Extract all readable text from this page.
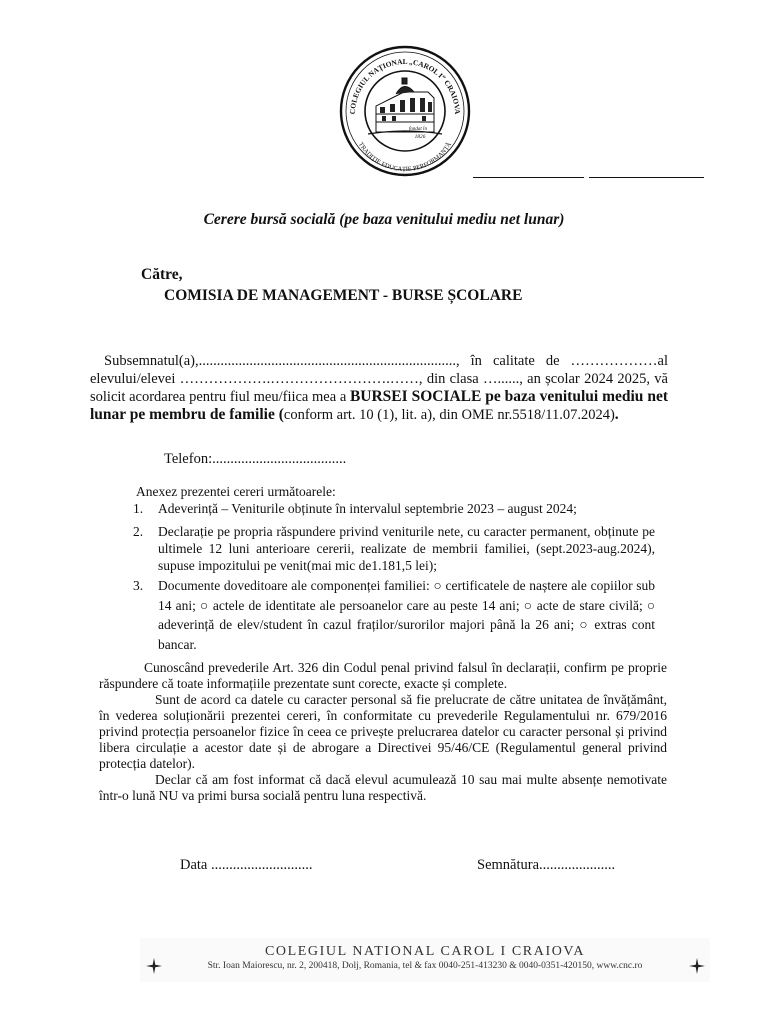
COLEGIUL NAȚIONAL „CAROL I” CRAIOVA
TRADIȚIE EDUCAȚIE PERFORMANȚĂ
fondat în
1826
Cerere bursă socială (pe baza venitului mediu net lunar)
Către,
COMISIA DE MANAGEMENT - BURSE ȘCOLARE
Subsemnatul(a),......................................................................., în calitate de ………………al elevului/elevei ……………….…………………….……, din clasa …......, an școlar 2024 2025, vă solicit acordarea pentru fiul meu/fiica mea a BURSEI SOCIALE pe baza venitului mediu net lunar pe membru de familie (conform art. 10 (1), lit. a), din OME nr.5518/11.07.2024).
Telefon:.....................................
Anexez prezentei cereri următoarele:
1. Adeverință – Veniturile obținute în intervalul septembrie 2023 – august 2024;
2. Declarație pe propria răspundere privind veniturile nete, cu caracter permanent, obținute pe ultimele 12 luni anterioare cererii, realizate de membrii familiei, (sept.2023-aug.2024), supuse impozitului pe venit(mai mic de1.181,5 lei);
3. Documente doveditoare ale componenței familiei: ○ certificatele de naștere ale copiilor sub 14 ani; ○ actele de identitate ale persoanelor care au peste 14 ani; ○ acte de stare civilă; ○ adeverință de elev/student în cazul fraților/surorilor majori până la 26 ani; ○ extras cont bancar.

Cunoscând prevederile Art. 326 din Codul penal privind falsul în declarații, confirm pe proprie răspundere că toate informațiile prezentate sunt corecte, exacte și complete.

Sunt de acord ca datele cu caracter personal să fie prelucrate de către unitatea de învățământ, în vederea soluționării prezentei cereri, în conformitate cu prevederile Regulamentului nr. 679/2016 privind protecția persoanelor fizice în ceea ce privește prelucrarea datelor cu caracter personal și privind libera circulație a acestor date și de abrogare a Directivei 95/46/CE (Regulamentul general privind protecția datelor).

Declar că am fost informat că dacă elevul acumulează 10 sau mai multe absențe nemotivate într-o lună NU va primi bursa socială pentru luna respectivă.

Data ............................	Semnătura.....................
COLEGIUL NATIONAL CAROL I CRAIOVA
Str. Ioan Maiorescu, nr. 2, 200418, Dolj, Romania, tel & fax 0040-251-413230 & 0040-0351-420150, www.cnc.ro
